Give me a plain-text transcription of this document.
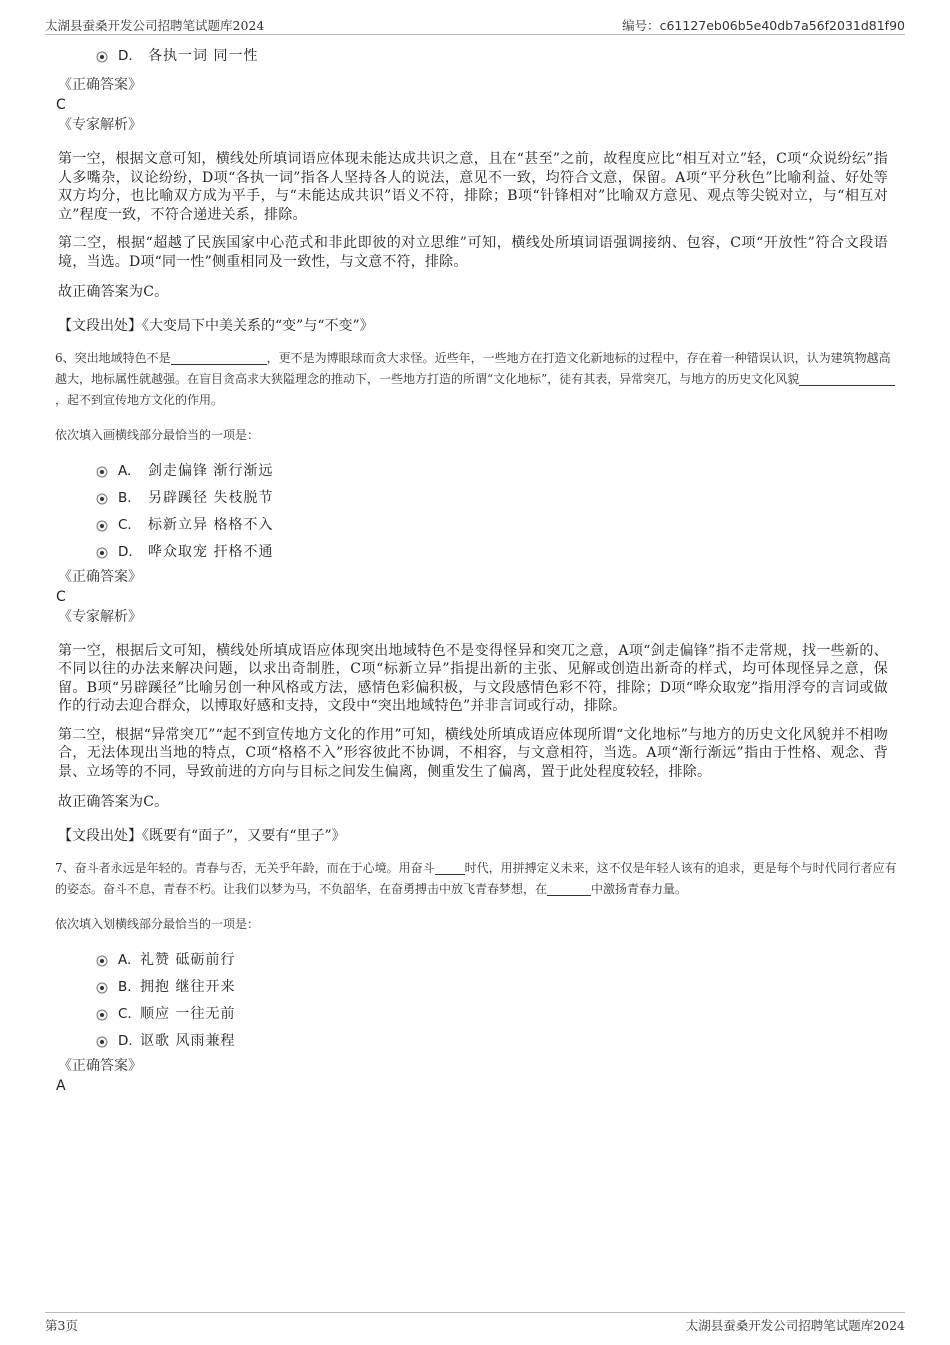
太湖县蚕桑开发公司招聘笔试题库2024	编号：c61127eb06b5e40db7a56f2031d81f90
D. 各执一词 同一性
《正确答案》
C
《专家解析》
第一空，根据文意可知，横线处所填词语应体现未能达成共识之意，且在“甚至”之前，故程度应比“相互对立”轻，C项“众说纷纭”指人多嘴杂，议论纷纷，D项“各执一词”指各人坚持各人的说法，意见不一致，均符合文意，保留。A项“平分秋色”比喻利益、好处等双方均分，也比喻双方成为平手，与“未能达成共识”语义不符，排除；B项“针锋相对”比喻双方意见、观点等尖锐对立，与“相互对立”程度一致，不符合递进关系，排除。
第二空，根据“超越了民族国家中心范式和非此即彼的对立思维”可知，横线处所填词语强调接纳、包容，C项“开放性”符合文段语境，当选。D项“同一性”侧重相同及一致性，与文意不符，排除。
故正确答案为C。
【文段出处】《大变局下中美关系的“变”与“不变”》
6、突出地域特色不是	，更不是为博眼球而贪大求怪。近些年，一些地方在打造文化新地标的过程中，存在着一种错误认识，认为建筑物越高越大，地标属性就越强。在盲目贪高求大狭隘理念的推动下，一些地方打造的所谓“文化地标”，徒有其表，异常突兀，与地方的历史文化风貌，起不到宣传地方文化的作用。
依次填入画横线部分最恰当的一项是：
A. 剑走偏锋 渐行渐远
B. 另辟蹊径 失枝脱节
C. 标新立异 格格不入
D. 哗众取宠 扞格不通
《正确答案》
C
《专家解析》
第一空，根据后文可知，横线处所填成语应体现突出地域特色不是变得怪异和突兀之意，A项“剑走偏锋”指不走常规，找一些新的、不同以往的办法来解决问题，以求出奇制胜，C项“标新立异”指提出新的主张、见解或创造出新奇的样式，均可体现怪异之意，保留。B项“另辟蹊径”比喻另创一种风格或方法，感情色彩偏积极，与文段感情色彩不符，排除；D项“哗众取宠”指用浮夸的言词或做作的行动去迎合群众，以博取好感和支持，文段中“突出地域特色”并非言词或行动，排除。
第二空，根据“异常突兀”“起不到宣传地方文化的作用”可知，横线处所填成语应体现所谓“文化地标”与地方的历史文化风貌并不相吻合，无法体现出当地的特点，C项“格格不入”形容彼此不协调，不相容，与文意相符，当选。A项“渐行渐远”指由于性格、观念、背景、立场等的不同，导致前进的方向与目标之间发生偏离，侧重发生了偏离，置于此处程度较轻，排除。
故正确答案为C。
【文段出处】《既要有“面子”，又要有“里子”》
7、奋斗者永远是年轻的。青春与否，无关乎年龄，而在于心境。用奋斗	时代，用拼搏定义未来，这不仅是年轻人该有的追求，更是每个与时代同行者应有的姿态。奋斗不息，青春不朽。让我们以梦为马，不负韶华，在奋勇搏击中放飞青春梦想，在	中激扬青春力量。
依次填入划横线部分最恰当的一项是：
A. 礼赞 砥砺前行
B. 拥抱 继往开来
C. 顺应 一往无前
D. 讴歌 风雨兼程
《正确答案》
A
第3页	太湖县蚕桑开发公司招聘笔试题库2024
